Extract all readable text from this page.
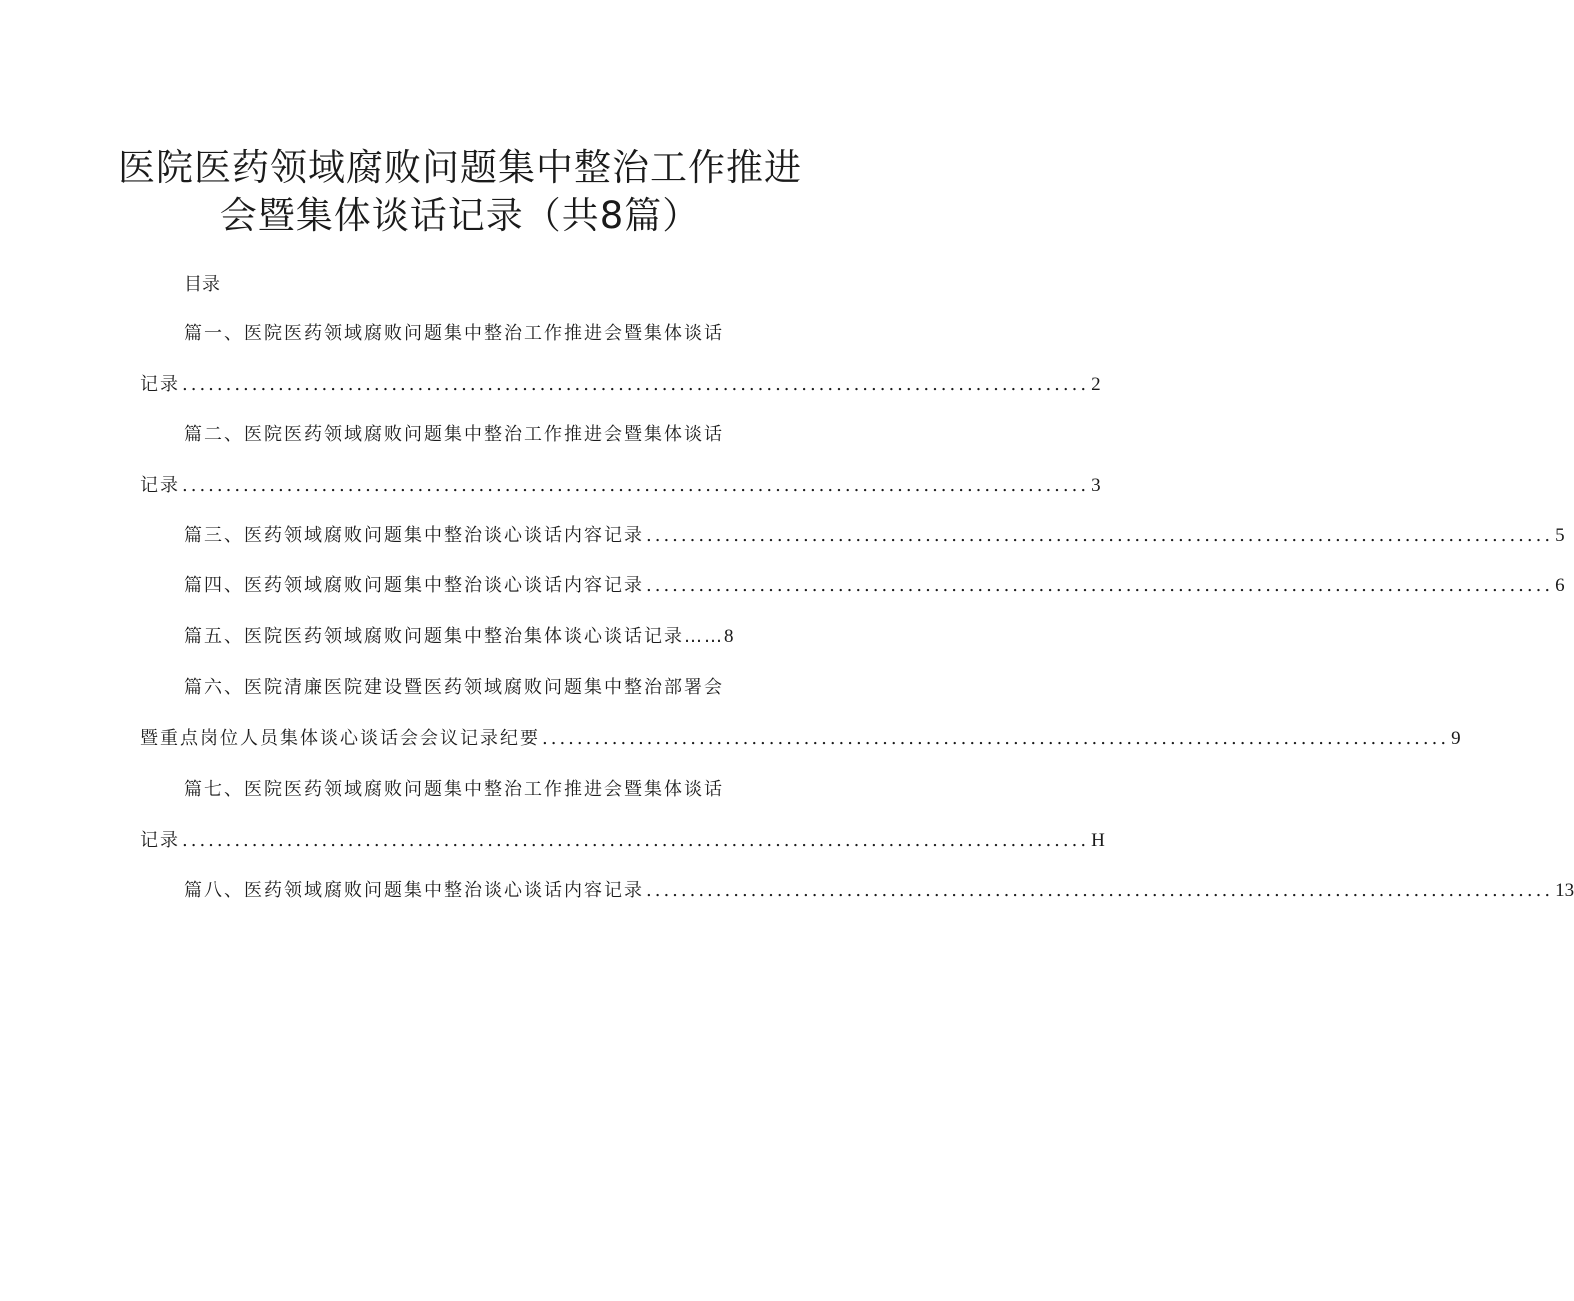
医院医药领域腐败问题集中整治工作推进
会暨集体谈话记录（共8篇）
目录
篇一、医院医药领域腐败问题集中整治工作推进会暨集体谈话
记录 ........................................................................................................ 2
篇二、医院医药领域腐败问题集中整治工作推进会暨集体谈话
记录 ........................................................................................................ 3
篇三、医药领域腐败问题集中整治谈心谈话内容记录 ........................................................................................................ 5
篇四、医药领域腐败问题集中整治谈心谈话内容记录 ........................................................................................................ 6
篇五、医院医药领域腐败问题集中整治集体谈心谈话记录…… 8
篇六、医院清廉医院建设暨医药领域腐败问题集中整治部署会
暨重点岗位人员集体谈心谈话会会议记录纪要 ........................................................................................................ 9
篇七、医院医药领域腐败问题集中整治工作推进会暨集体谈话
记录 ........................................................................................................ H
篇八、医药领域腐败问题集中整治谈心谈话内容记录 ........................................................................................................ 13
